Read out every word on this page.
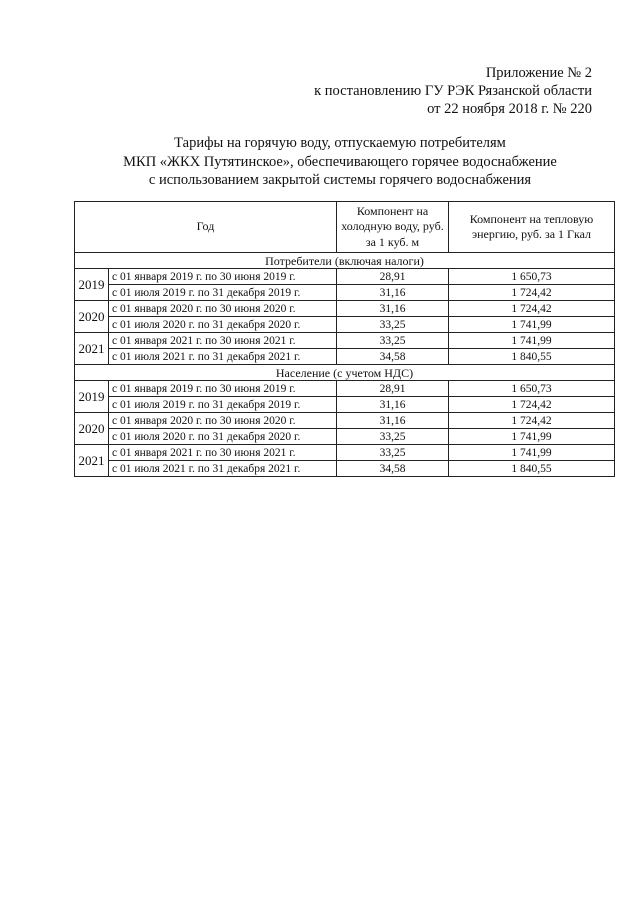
Приложение № 2
к постановлению ГУ РЭК Рязанской области
от 22 ноября 2018 г. № 220
Тарифы на горячую воду, отпускаемую потребителям
МКП «ЖКХ Путятинское», обеспечивающего горячее водоснабжение
с использованием закрытой системы горячего водоснабжения
Год		Компонент на холодную воду, руб. за 1 куб. м	Компонент на тепловую энергию, руб. за 1 Гкал
Потребители (включая налоги)			
2019	с 01 января 2019 г. по 30 июня 2019 г.	28,91	1 650,73
	с 01 июля 2019 г. по 31 декабря 2019 г.	31,16	1 724,42
2020	с 01 января 2020 г. по 30 июня 2020 г.	31,16	1 724,42
	с 01 июля 2020 г. по 31 декабря 2020 г.	33,25	1 741,99
2021	с 01 января 2021 г. по 30 июня 2021 г.	33,25	1 741,99
	с 01 июля 2021 г. по 31 декабря 2021 г.	34,58	1 840,55
Население (с учетом НДС)			
2019	с 01 января 2019 г. по 30 июня 2019 г.	28,91	1 650,73
	с 01 июля 2019 г. по 31 декабря 2019 г.	31,16	1 724,42
2020	с 01 января 2020 г. по 30 июня 2020 г.	31,16	1 724,42
	с 01 июля 2020 г. по 31 декабря 2020 г.	33,25	1 741,99
2021	с 01 января 2021 г. по 30 июня 2021 г.	33,25	1 741,99
	с 01 июля 2021 г. по 31 декабря 2021 г.	34,58	1 840,55
